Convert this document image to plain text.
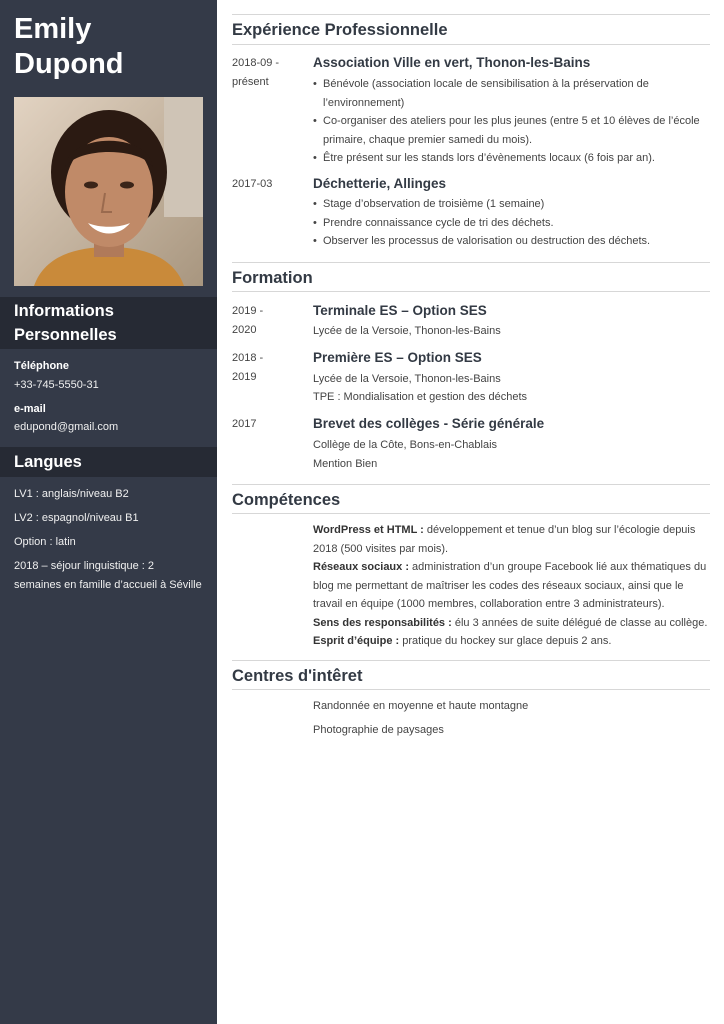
Emily
Dupond
Informations Personnelles
Téléphone
+33-745-5550-31
e-mail
edupond@gmail.com
Langues
LV1 : anglais/niveau B2
LV2 : espagnol/niveau B1
Option : latin
2018 – séjour linguistique : 2 semaines en famille d’accueil à Séville
Expérience Professionnelle
2018-09 - présent
Association Ville en vert, Thonon-les-Bains
• Bénévole (association locale de sensibilisation à la préservation de l’environnement)
• Co-organiser des ateliers pour les plus jeunes (entre 5 et 10 élèves de l’école primaire, chaque premier samedi du mois).
• Être présent sur les stands lors d’évènements locaux (6 fois par an).
2017-03	Déchetterie, Allinges
• Stage d’observation de troisième (1 semaine)
• Prendre connaissance cycle de tri des déchets.
• Observer les processus de valorisation ou destruction des déchets.
Formation
2019 - 2020
Terminale ES – Option SES
Lycée de la Versoie, Thonon-les-Bains
2018 - 2019
Première ES – Option SES
Lycée de la Versoie, Thonon-les-Bains
TPE : Mondialisation et gestion des déchets
2017	Brevet des collèges - Série générale
Collège de la Côte, Bons-en-Chablais
Mention Bien
Compétences
WordPress et HTML : développement et tenue d’un blog sur l’écologie depuis 2018 (500 visites par mois).
Réseaux sociaux : administration d’un groupe Facebook lié aux thématiques du blog me permettant de maîtriser les codes des réseaux sociaux, ainsi que le travail en équipe (1000 membres, collaboration entre 3 administrateurs).
Sens des responsabilités : élu 3 années de suite délégué de classe au collège.
Esprit d’équipe : pratique du hockey sur glace depuis 2 ans.
Centres d'intêret
Randonnée en moyenne et haute montagne
Photographie de paysages
